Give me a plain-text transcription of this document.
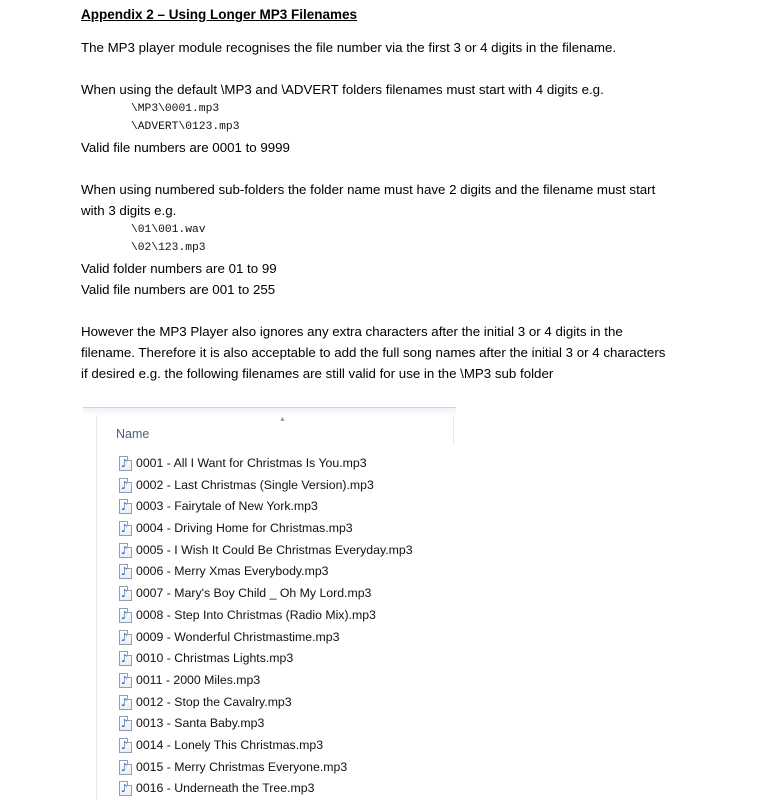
Appendix 2 – Using Longer MP3 Filenames
The MP3 player module recognises the file number via the first 3 or 4 digits in the filename.
When using the default \MP3 and \ADVERT folders filenames must start with 4 digits e.g.
\MP3\0001.mp3
\ADVERT\0123.mp3
Valid file numbers are 0001 to 9999
When using numbered sub-folders the folder name must have 2 digits and the filename must start
with 3 digits e.g.
\01\001.wav
\02\123.mp3
Valid folder numbers are 01 to 99
Valid file numbers are 001 to 255
However the MP3 Player also ignores any extra characters after the initial 3 or 4 digits in the
filename. Therefore it is also acceptable to add the full song names after the initial 3 or 4 characters
if desired e.g. the following filenames are still valid for use in the \MP3 sub folder
▲
Name
♪
0001 - All I Want for Christmas Is You.mp3
♪
0002 - Last Christmas (Single Version).mp3
♪
0003 - Fairytale of New York.mp3
♪
0004 - Driving Home for Christmas.mp3
♪
0005 - I Wish It Could Be Christmas Everyday.mp3
♪
0006 - Merry Xmas Everybody.mp3
♪
0007 - Mary's Boy Child _ Oh My Lord.mp3
♪
0008 - Step Into Christmas (Radio Mix).mp3
♪
0009 - Wonderful Christmastime.mp3
♪
0010 - Christmas Lights.mp3
♪
0011 - 2000 Miles.mp3
♪
0012 - Stop the Cavalry.mp3
♪
0013 - Santa Baby.mp3
♪
0014 - Lonely This Christmas.mp3
♪
0015 - Merry Christmas Everyone.mp3
♪
0016 - Underneath the Tree.mp3
